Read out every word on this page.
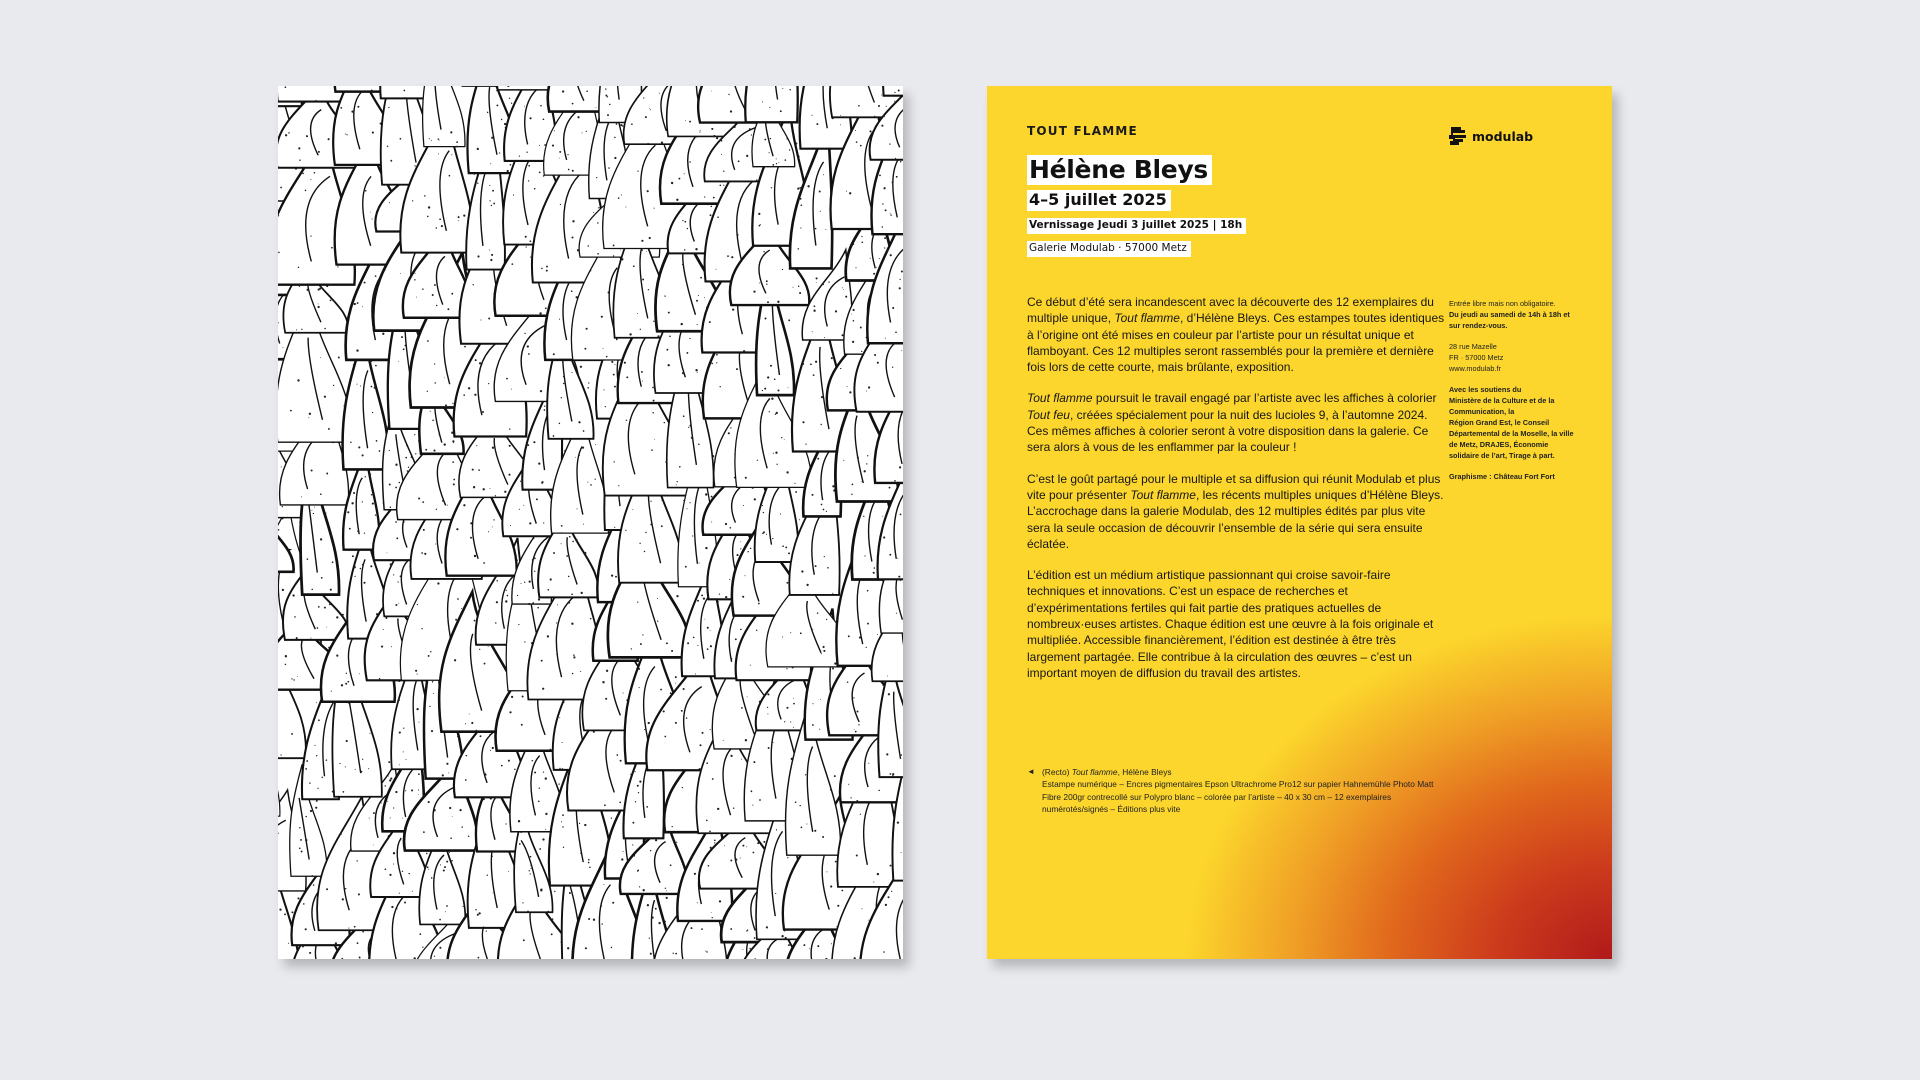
TOUT FLAMME	modulab
Hélène Bleys
4–5 juillet 2025
Vernissage Jeudi 3 juillet 2025 | 18h
Galerie Modulab · 57000 Metz

Ce début d’été sera incandescent avec la découverte des 12 exemplaires du multiple unique, Tout flamme, d’Hélène Bleys. Ces estampes toutes identiques à l’origine ont été mises en couleur par l’artiste pour un résultat unique et flamboyant. Ces 12 multiples seront rassemblés pour la première et dernière fois lors de cette courte, mais brûlante, exposition.

Tout flamme poursuit le travail engagé par l’artiste avec les affiches à colorier Tout feu, créées spécialement pour la nuit des lucioles 9, à l’automne 2024. Ces mêmes affiches à colorier seront à votre disposition dans la galerie. Ce sera alors à vous de les enflammer par la couleur !

C’est le goût partagé pour le multiple et sa diffusion qui réunit Modulab et plus vite pour présenter Tout flamme, les récents multiples uniques d’Hélène Bleys.
L’accrochage dans la galerie Modulab, des 12 multiples édités par plus vite sera la seule occasion de découvrir l’ensemble de la série qui sera ensuite éclatée.

L’édition est un médium artistique passionnant qui croise savoir-faire techniques et innovations. C’est un espace de recherches et d’expérimentations fertiles qui fait partie des pratiques actuelles de nombreux·euses artistes. Chaque édition est une œuvre à la fois originale et multipliée. Accessible financièrement, l’édition est destinée à être très largement partagée. Elle contribue à la circulation des œuvres – c’est un important moyen de diffusion du travail des artistes.

Entrée libre mais non obligatoire.
Du jeudi au samedi de 14h à 18h et sur rendez-vous.

28 rue Mazelle
FR · 57000 Metz
www.modulab.fr

Avec les soutiens du
Ministère de la Culture et de la Communication, la
Région Grand Est, le Conseil Départemental de la Moselle, la ville de Metz, DRAJES, Économie solidaire de l’art, Tirage à part.

Graphisme : Château Fort Fort

◄ (Recto) Tout flamme, Hélène Bleys
Estampe numérique – Encres pigmentaires Epson Ultrachrome Pro12 sur papier Hahnemühle Photo Matt Fibre 200gr contrecollé sur Polypro blanc – colorée par l’artiste – 40 x 30 cm – 12 exemplaires numérotés/signés – Éditions plus vite
